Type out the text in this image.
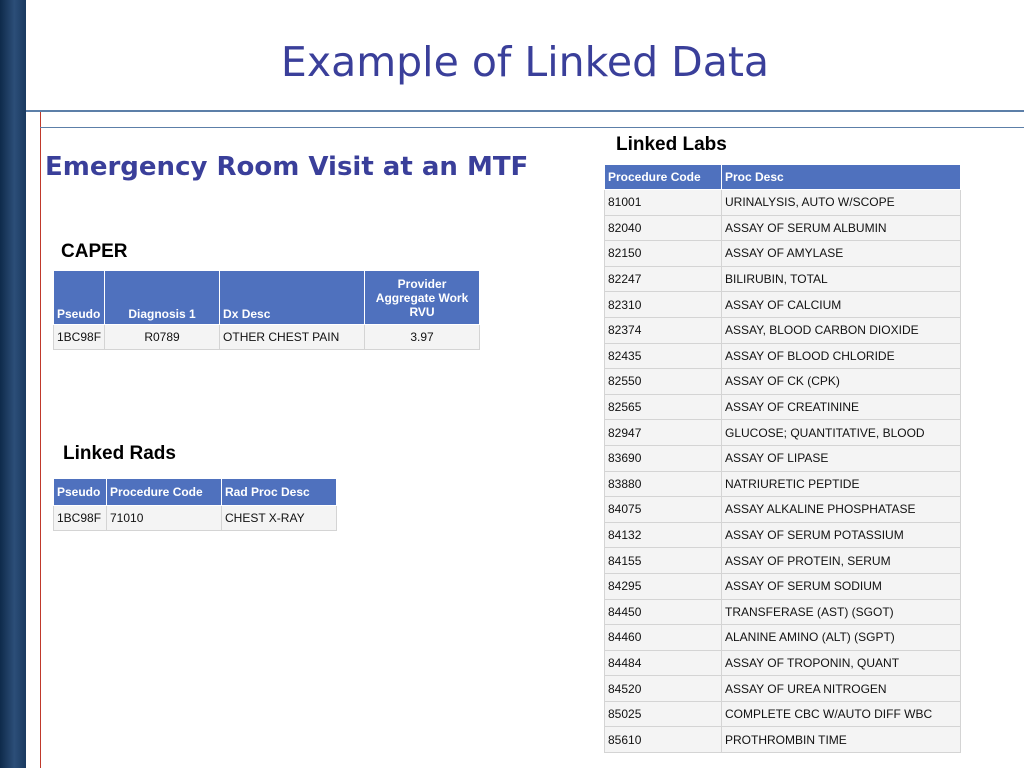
Example of Linked Data
Emergency Room Visit at an MTF
CAPER
Pseudo	Diagnosis 1	Dx Desc	Provider Aggregate Work RVU
1BC98F	R0789	OTHER CHEST PAIN	3.97
Linked Rads
Pseudo	Procedure Code	Rad Proc Desc
1BC98F	71010	CHEST X-RAY
Linked Labs
Procedure Code	Proc Desc
81001	URINALYSIS, AUTO W/SCOPE
82040	ASSAY OF SERUM ALBUMIN
82150	ASSAY OF AMYLASE
82247	BILIRUBIN, TOTAL
82310	ASSAY OF CALCIUM
82374	ASSAY, BLOOD CARBON DIOXIDE
82435	ASSAY OF BLOOD CHLORIDE
82550	ASSAY OF CK (CPK)
82565	ASSAY OF CREATININE
82947	GLUCOSE; QUANTITATIVE, BLOOD
83690	ASSAY OF LIPASE
83880	NATRIURETIC PEPTIDE
84075	ASSAY ALKALINE PHOSPHATASE
84132	ASSAY OF SERUM POTASSIUM
84155	ASSAY OF PROTEIN, SERUM
84295	ASSAY OF SERUM SODIUM
84450	TRANSFERASE (AST) (SGOT)
84460	ALANINE AMINO (ALT) (SGPT)
84484	ASSAY OF TROPONIN, QUANT
84520	ASSAY OF UREA NITROGEN
85025	COMPLETE CBC W/AUTO DIFF WBC
85610	PROTHROMBIN TIME
